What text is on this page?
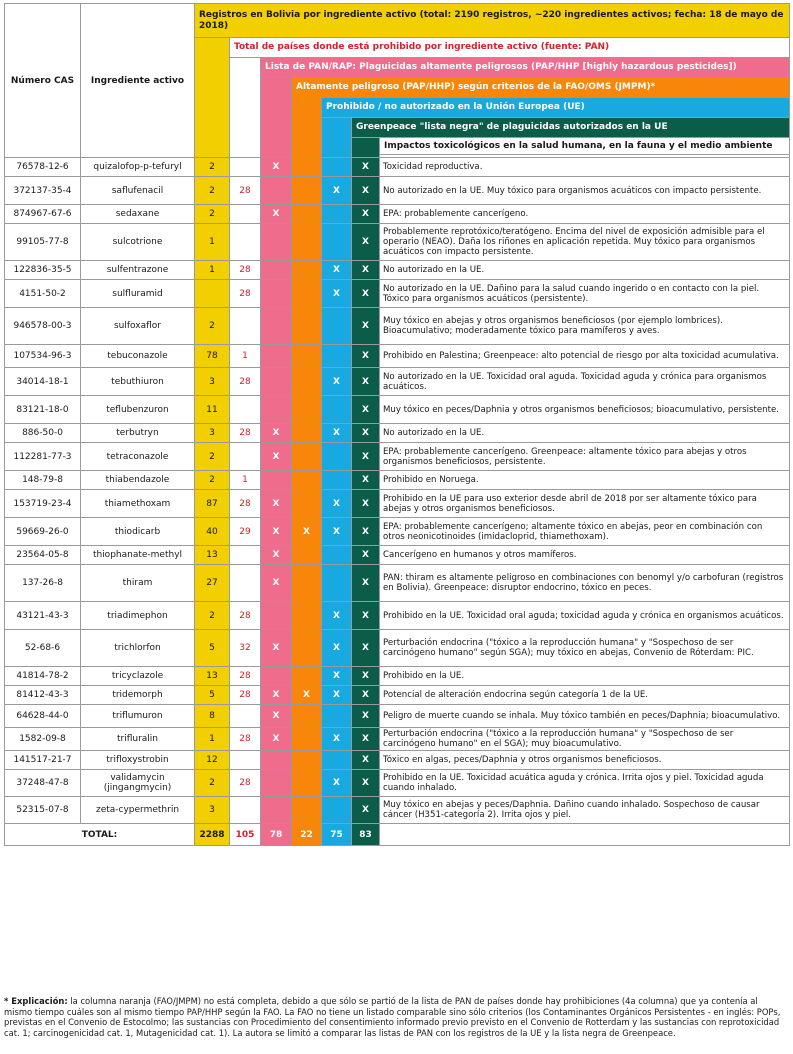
Número CAS	Ingrediente activo	Registros en Bolivia por ingrediente activo (total: 2190 registros, ~220 ingredientes activos; fecha: 18 de mayo de 2018)						
			Total de países donde está prohibido por ingrediente activo (fuente: PAN)					
				Lista de PAN/RAP: Plaguicidas altamente peligrosos (PAP/HHP [highly hazardous pesticides])				
					Altamente peligroso (PAP/HHP) según criterios de la FAO/OMS (JMPM)*			
						Prohibido / no autorizado en la Unión Europea (UE)		
							Greenpeace "lista negra" de plaguicidas autorizados en la UE	
								Impactos toxicológicos en la salud humana, en la fauna y el medio ambiente

76578-12-6	quizalofop-p-tefuryl	2		X			X	Toxicidad reproductiva.
372137-35-4	saflufenacil	2	28			X	X	No autorizado en la UE. Muy tóxico para organismos acuáticos con impacto persistente.
874967-67-6	sedaxane	2		X			X	EPA: probablemente cancerígeno.
99105-77-8	sulcotrione	1					X	Probablemente reprotóxico/teratógeno. Encima del nivel de exposición admisible para el operario (NEAO). Daña los riñones en aplicación repetida. Muy tóxico para organismos acuáticos con impacto persistente.
122836-35-5	sulfentrazone	1	28			X	X	No autorizado en la UE.
4151-50-2	sulfluramid		28			X	X	No autorizado en la UE. Dañino para la salud cuando ingerido o en contacto con la piel. Tóxico para organismos acuáticos (persistente).
946578-00-3	sulfoxaflor	2					X	Muy tóxico en abejas y otros organismos beneficiosos (por ejemplo lombrices). Bioacumulativo; moderadamente tóxico para mamíferos y aves.
107534-96-3	tebuconazole	78	1				X	Prohibido en Palestina; Greenpeace: alto potencial de riesgo por alta toxicidad acumulativa.
34014-18-1	tebuthiuron	3	28			X	X	No autorizado en la UE. Toxicidad oral aguda. Toxicidad aguda y crónica para organismos acuáticos.
83121-18-0	teflubenzuron	11					X	Muy tóxico en peces/Daphnia y otros organismos beneficiosos; bioacumulativo, persistente.
886-50-0	terbutryn	3	28	X		X	X	No autorizado en la UE.
112281-77-3	tetraconazole	2		X			X	EPA: probablemente cancerígeno. Greenpeace: altamente tóxico para abejas y otros organismos beneficiosos, persistente.
148-79-8	thiabendazole	2	1				X	Prohibido en Noruega.
153719-23-4	thiamethoxam	87	28	X		X	X	Prohibido en la UE para uso exterior desde abril de 2018 por ser altamente tóxico para abejas y otros organismos beneficiosos.
59669-26-0	thiodicarb	40	29	X	X	X	X	EPA: probablemente cancerígeno; altamente tóxico en abejas, peor en combinación con otros neonicotinoides (imidacloprid, thiamethoxam).
23564-05-8	thiophanate-methyl	13		X			X	Cancerígeno en humanos y otros mamíferos.
137-26-8	thiram	27		X			X	PAN: thiram es altamente peligroso en combinaciones con benomyl y/o carbofuran (registros en Bolivia). Greenpeace: disruptor endocrino, tóxico en peces.
43121-43-3	triadimephon	2	28			X	X	Prohibido en la UE. Toxicidad oral aguda; toxicidad aguda y crónica en organismos acuáticos.
52-68-6	trichlorfon	5	32	X		X	X	Perturbación endocrina ("tóxico a la reproducción humana" y "Sospechoso de ser carcinógeno humano" según SGA); muy tóxico en abejas, Convenio de Róterdam: PIC.
41814-78-2	tricyclazole	13	28			X	X	Prohibido en la UE.
81412-43-3	tridemorph	5	28	X	X	X	X	Potencial de alteración endocrina según categoría 1 de la UE.
64628-44-0	triflumuron	8		X			X	Peligro de muerte cuando se inhala. Muy tóxico también en peces/Daphnia; bioacumulativo.
1582-09-8	trifluralin	1	28	X		X	X	Perturbación endocrina ("tóxico a la reproducción humana" y "Sospechoso de ser carcinógeno humano" en el SGA); muy bioacumulativo.
141517-21-7	trifloxystrobin	12					X	Tóxico en algas, peces/Daphnia y otros organismos beneficiosos.
37248-47-8	validamycin (jingangmycin)	2	28			X	X	Prohibido en la UE. Toxicidad acuática aguda y crónica. Irrita ojos y piel. Toxicidad aguda cuando inhalado.
52315-07-8	zeta-cypermethrin	3					X	Muy tóxico en abejas y peces/Daphnia. Dañino cuando inhalado. Sospechoso de causar cáncer (H351-categoría 2). Irrita ojos y piel.
TOTAL:		2288	105	78	22	75	83	
* Explicación: la columna naranja (FAO/JMPM) no está completa, debido a que sólo se partió de la lista de PAN de países donde hay prohibiciones (4a columna) que ya contenía al mismo tiempo cuáles son al mismo tiempo PAP/HHP según la FAO. La FAO no tiene un listado comparable sino sólo criterios (los Contaminantes Orgánicos Persistentes - en inglés: POPs, previstas en el Convenio de Estocolmo; las sustancias con Procedimiento del consentimiento informado previo previsto en el Convenio de Rotterdam y las sustancias con reprotoxicidad cat. 1; carcinogenicidad cat. 1, Mutagenicidad cat. 1). La autora se limitó a comparar las listas de PAN con los registros de la UE y la lista negra de Greenpeace.
